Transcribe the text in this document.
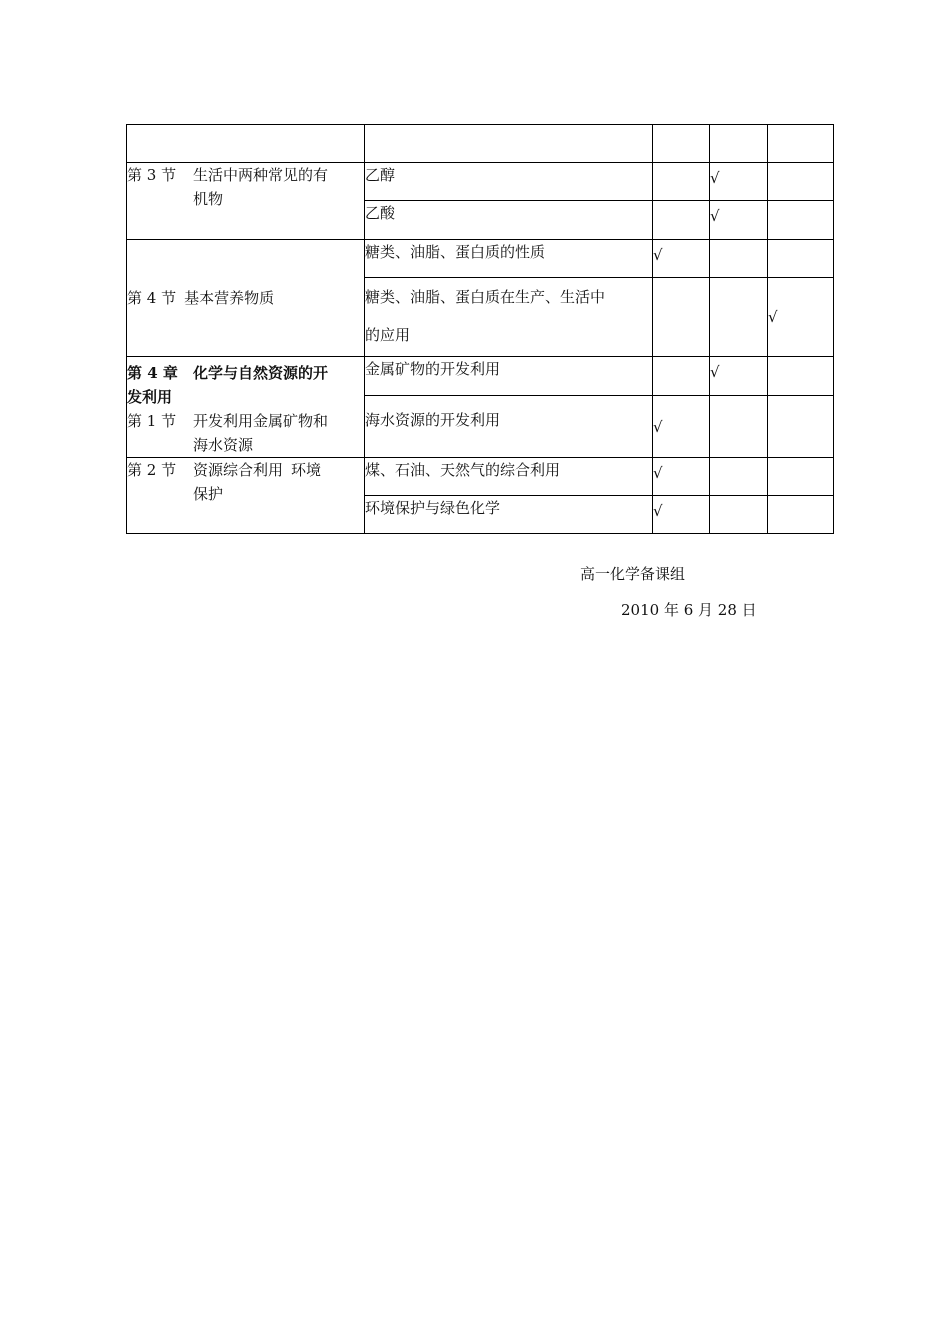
第 3 节 生活中两种常见的有
机物	乙醇		√	
	乙酸		√	
第 4 节 基本营养物质	糖类、油脂、蛋白质的性质	√		

	糖类、油脂、蛋白质在生产、生活中
的应用			√

第 4 章 化学与自然资源的开
发利用
第 1 节 开发利用金属矿物和
海水资源	金属矿物的开发利用		√	
	海水资源的开发利用	√		

第 2 节 资源综合利用 环境
保护	煤、石油、天然气的综合利用	√		
	环境保护与绿色化学	√		
高一化学备课组
2010 年 6 月 28 日
